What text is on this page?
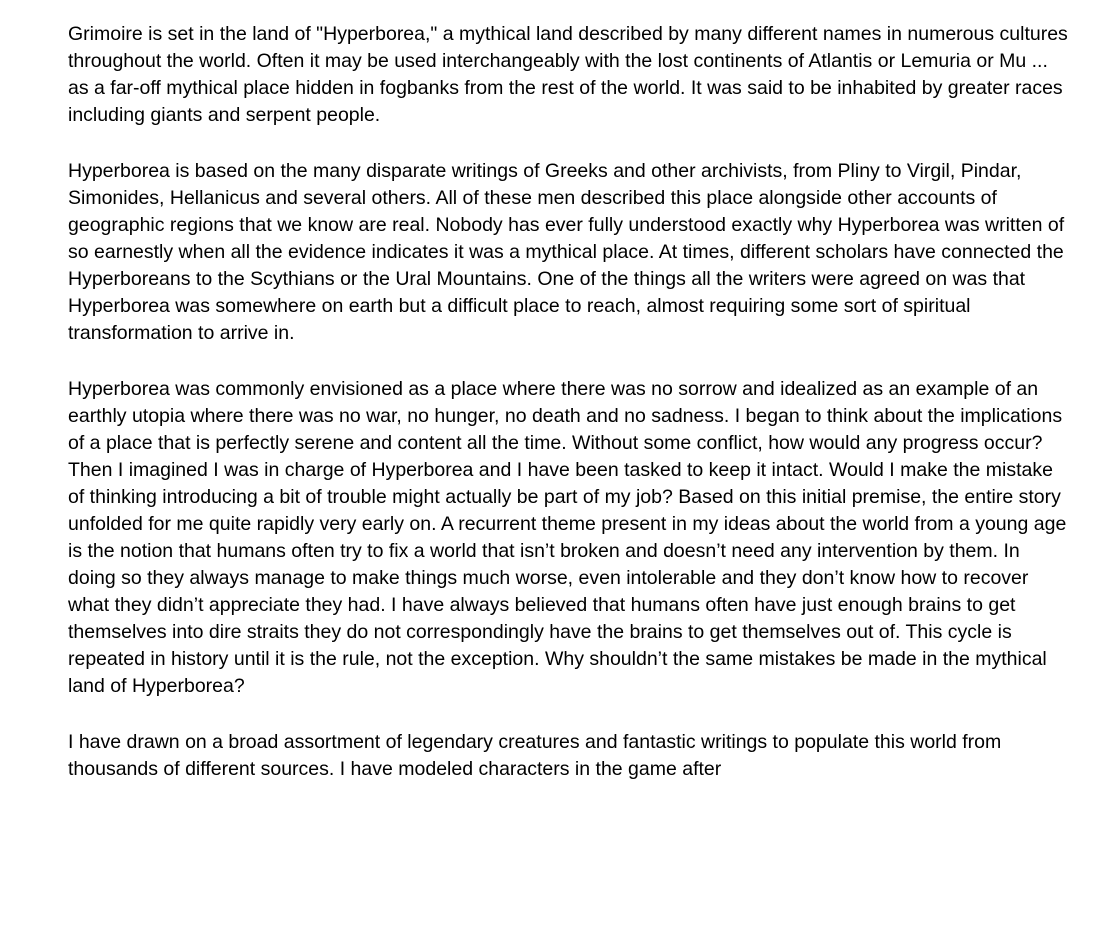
Grimoire is set in the land of "Hyperborea," a mythical land described by many different names in numerous cultures throughout the world. Often it may be used interchangeably with the lost continents of Atlantis or Lemuria or Mu ... as a far-off mythical place hidden in fogbanks from the rest of the world. It was said to be inhabited by greater races including giants and serpent people.

Hyperborea is based on the many disparate writings of Greeks and other archivists, from Pliny to Virgil, Pindar, Simonides, Hellanicus and several others. All of these men described this place alongside other accounts of geographic regions that we know are real. Nobody has ever fully understood exactly why Hyperborea was written of so earnestly when all the evidence indicates it was a mythical place. At times, different scholars have connected the Hyperboreans to the Scythians or the Ural Mountains. One of the things all the writers were agreed on was that Hyperborea was somewhere on earth but a difficult place to reach, almost requiring some sort of spiritual transformation to arrive in.

Hyperborea was commonly envisioned as a place where there was no sorrow and idealized as an example of an earthly utopia where there was no war, no hunger, no death and no sadness. I began to think about the implications of a place that is perfectly serene and content all the time. Without some conflict, how would any progress occur? Then I imagined I was in charge of Hyperborea and I have been tasked to keep it intact. Would I make the mistake of thinking introducing a bit of trouble might actually be part of my job? Based on this initial premise, the entire story unfolded for me quite rapidly very early on. A recurrent theme present in my ideas about the world from a young age is the notion that humans often try to fix a world that isn’t broken and doesn’t need any intervention by them. In doing so they always manage to make things much worse, even intolerable and they don’t know how to recover what they didn’t appreciate they had. I have always believed that humans often have just enough brains to get themselves into dire straits they do not correspondingly have the brains to get themselves out of. This cycle is repeated in history until it is the rule, not the exception. Why shouldn’t the same mistakes be made in the mythical land of Hyperborea?

I have drawn on a broad assortment of legendary creatures and fantastic writings to populate this world from thousands of different sources. I have modeled characters in the game after
